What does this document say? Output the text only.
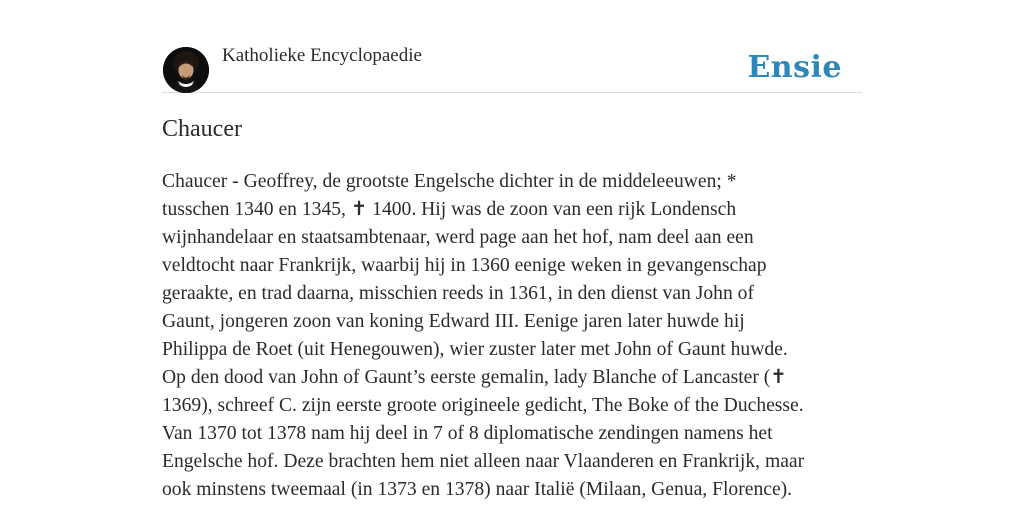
Katholieke Encyclopaedie	Ensie
Chaucer

Chaucer - Geoffrey, de grootste Engelsche dichter in de middeleeuwen; *
tusschen 1340 en 1345, ✝ 1400. Hij was de zoon van een rijk Londensch
wijnhandelaar en staatsambtenaar, werd page aan het hof, nam deel aan een
veldtocht naar Frankrijk, waarbij hij in 1360 eenige weken in gevangenschap
geraakte, en trad daarna, misschien reeds in 1361, in den dienst van John of
Gaunt, jongeren zoon van koning Edward III. Eenige jaren later huwde hij
Philippa de Roet (uit Henegouwen), wier zuster later met John of Gaunt huwde.
Op den dood van John of Gaunt’s eerste gemalin, lady Blanche of Lancaster (✝
1369), schreef C. zijn eerste groote origineele gedicht, The Boke of the Duchesse.
Van 1370 tot 1378 nam hij deel in 7 of 8 diplomatische zendingen namens het
Engelsche hof. Deze brachten hem niet alleen naar Vlaanderen en Frankrijk, maar
ook minstens tweemaal (in 1373 en 1378) naar Italië (Milaan, Genua, Florence).
